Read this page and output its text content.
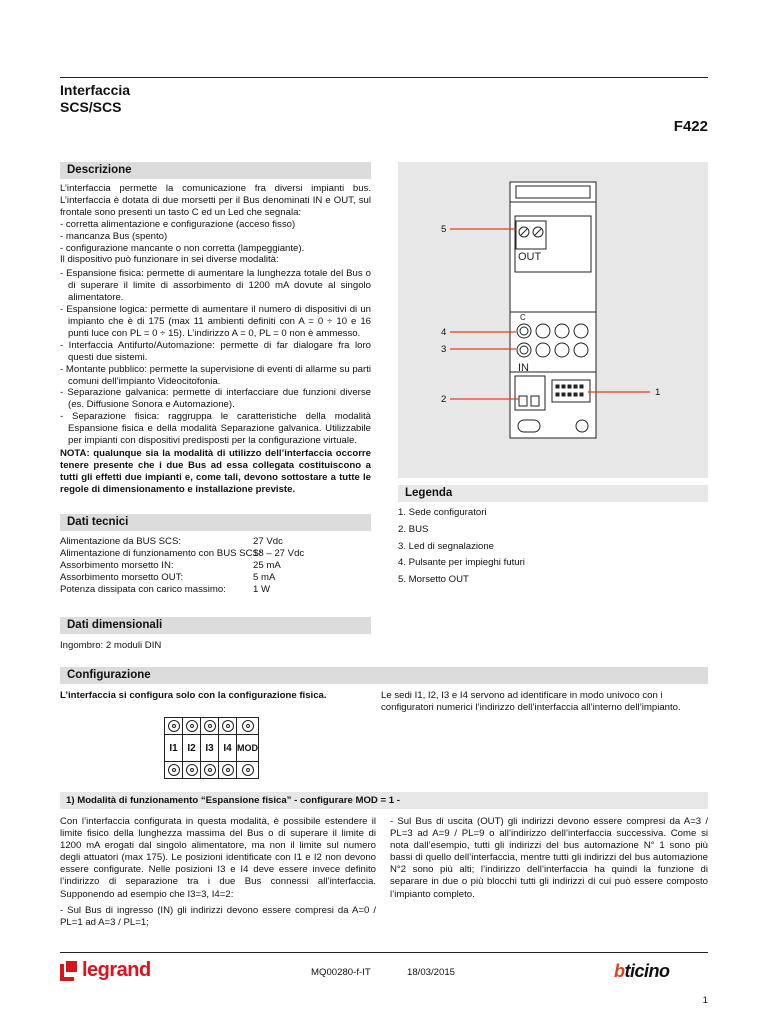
Interfaccia
SCS/SCS
F422
Descrizione

L’interfaccia permette la comunicazione fra diversi impianti bus. L’interfaccia è dotata di due morsetti per il Bus denominati IN e OUT, sul frontale sono presenti un tasto C ed un Led che segnala:

- corretta alimentazione e configurazione (acceso fisso)

- mancanza Bus (spento)

- configurazione mancante o non corretta (lampeggiante).

Il dispositivo può funzionare in sei diverse modalità:

- Espansione fisica: permette di aumentare la lunghezza totale del Bus o di superare il limite di assorbimento di 1200 mA dovute al singolo alimentatore.

- Espansione logica: permette di aumentare il numero di dispositivi di un impianto che è di 175 (max 11 ambienti definiti con A = 0 ÷ 10 e 16 punti luce con PL = 0 ÷ 15). L’indirizzo A = 0, PL = 0 non è ammesso.

- Interfaccia Antifurto/Automazione: permette di far dialogare fra loro questi due sistemi.

- Montante pubblico: permette la supervisione di eventi di allarme su parti comuni dell’impianto Videocitofonia.

- Separazione galvanica: permette di interfacciare due funzioni diverse (es. Diffusione Sonora e Automazione).

- Separazione fisica: raggruppa le caratteristiche della modalità Espansione fisica e della modalità Separazione galvanica. Utilizzabile per impianti con dispositivi predisposti per la configurazione virtuale.

NOTA: qualunque sia la modalità di utilizzo dell’interfaccia occorre tenere presente che i due Bus ad essa collegata costituiscono a tutti gli effetti due impianti e, come tali, devono sottostare a tutte le regole di dimensionamento e installazione previste.

OUT
C
IN
5
4
3
2
1
Legenda
1. Sede configuratori
2. BUS
3. Led di segnalazione
4. Pulsante per impieghi futuri
5. Morsetto OUT
Dati tecnici
Alimentazione da BUS SCS:	27 Vdc
Alimentazione di funzionamento con BUS SCS:
18 – 27 Vdc
Assorbimento morsetto IN:	25 mA
Assorbimento morsetto OUT:	5 mA
Potenza dissipata con carico massimo:	1 W
Dati dimensionali
Ingombro: 2 moduli DIN
Configurazione
L’interfaccia si configura solo con la configurazione fisica.	Le sedi I1, I2, I3 e I4 servono ad identificare in modo univoco con i configuratori numerici l’indirizzo dell’interfaccia all’interno dell’impianto.

I1	I2	I3	I4	MOD

1) Modalità di funzionamento “Espansione fisica” - configurare MOD = 1 -

Con l’interfaccia configurata in questa modalità, è possibile estendere il limite fisico della lunghezza massima del Bus o di superare il limite di 1200 mA erogati dal singolo alimentatore, ma non il limite sul numero degli attuatori (max 175). Le posizioni identificate con I1 e I2 non devono essere configurate. Nelle posizioni I3 e I4 deve essere invece definito l’indirizzo di separazione tra i due Bus connessi all’interfaccia. Supponendo ad esempio che I3=3, I4=2:

- Sul Bus di ingresso (IN) gli indirizzi devono essere compresi da A=0 / PL=1 ad A=3 / PL=1;

- Sul Bus di uscita (OUT) gli indirizzi devono essere compresi da A=3 / PL=3 ad A=9 / PL=9 o all’indirizzo dell’interfaccia successiva. Come si nota dall’esempio, tutti gli indirizzi del bus automazione N° 1 sono più bassi di quello dell’interfaccia, mentre tutti gli indirizzi del bus automazione N°2 sono più alti; l’indirizzo dell’interfaccia ha quindi la funzione di separare in due o più blocchi tutti gli indirizzi di cui può essere composto l’impianto completo.
legrand	MQ00280-f-IT	18/03/2015	bticino
1
